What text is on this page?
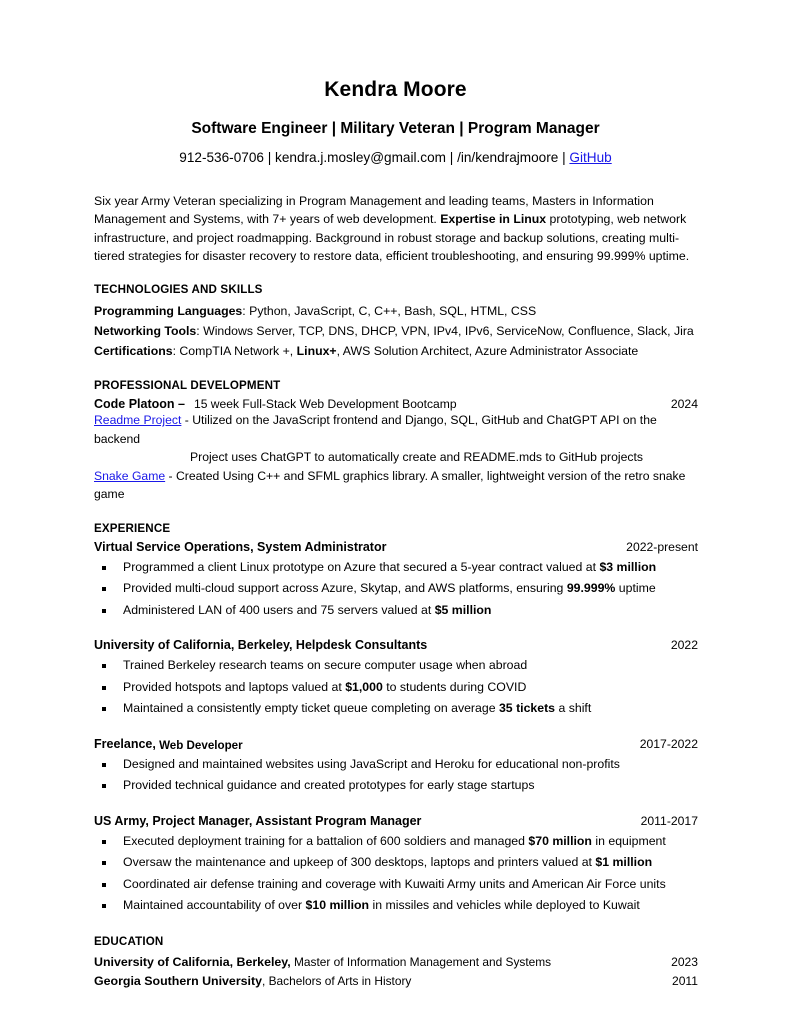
Kendra Moore
Software Engineer | Military Veteran | Program Manager
912-536-0706 | kendra.j.mosley@gmail.com | /in/kendrajmoore | GitHub
Six year Army Veteran specializing in Program Management and leading teams, Masters in Information Management and Systems, with 7+ years of web development. Expertise in Linux prototyping, web network infrastructure, and project roadmapping. Background in robust storage and backup solutions, creating multi-tiered strategies for disaster recovery to restore data, efficient troubleshooting, and ensuring 99.999% uptime.
TECHNOLOGIES AND SKILLS
Programming Languages: Python, JavaScript, C, C++, Bash, SQL, HTML, CSS
Networking Tools: Windows Server, TCP, DNS, DHCP, VPN, IPv4, IPv6, ServiceNow, Confluence, Slack, Jira
Certifications: CompTIA Network +, Linux+, AWS Solution Architect, Azure Administrator Associate
PROFESSIONAL DEVELOPMENT
Code Platoon – 15 week Full-Stack Web Development Bootcamp	2024
Readme Project - Utilized on the JavaScript frontend and Django, SQL, GitHub and ChatGPT API on the backend
Project uses ChatGPT to automatically create and README.mds to GitHub projects
Snake Game - Created Using C++ and SFML graphics library. A smaller, lightweight version of the retro snake game
EXPERIENCE
Virtual Service Operations, System Administrator	2022-present
Programmed a client Linux prototype on Azure that secured a 5-year contract valued at $3 million
Provided multi-cloud support across Azure, Skytap, and AWS platforms, ensuring 99.999% uptime
Administered LAN of 400 users and 75 servers valued at $5 million
University of California, Berkeley, Helpdesk Consultants	2022
Trained Berkeley research teams on secure computer usage when abroad
Provided hotspots and laptops valued at $1,000 to students during COVID
Maintained a consistently empty ticket queue completing on average 35 tickets a shift
Freelance, Web Developer	2017-2022
Designed and maintained websites using JavaScript and Heroku for educational non-profits
Provided technical guidance and created prototypes for early stage startups
US Army, Project Manager, Assistant Program Manager	2011-2017
Executed deployment training for a battalion of 600 soldiers and managed $70 million in equipment
Oversaw the maintenance and upkeep of 300 desktops, laptops and printers valued at $1 million
Coordinated air defense training and coverage with Kuwaiti Army units and American Air Force units
Maintained accountability of over $10 million in missiles and vehicles while deployed to Kuwait
EDUCATION
University of California, Berkeley, Master of Information Management and Systems	2023
Georgia Southern University, Bachelors of Arts in History	2011
